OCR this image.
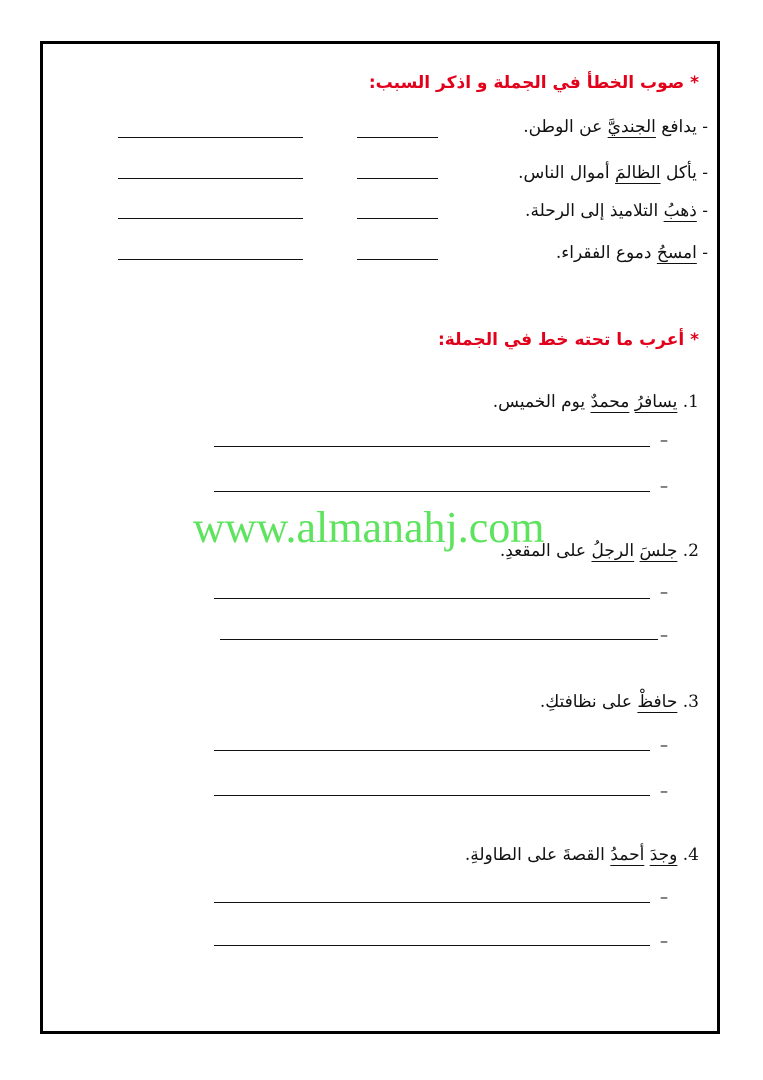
* صوب الخطأ في الجملة و اذكر السبب:
- يدافع الجنديَّ عن الوطن.
- يأكل الظالمَ أموال الناس.
- ذهبُ التلاميذ إلى الرحلة.
- امسحُ دموع الفقراء.
* أعرب ما تحته خط في الجملة:
1. يسافرُ محمدٌ يوم الخميس.
–
–
2. جلسَ الرجلُ على المقعدِ.
–
–
3. حافظْ على نظافتكِ.
–
–
4. وجدَ أحمدُ القصةَ على الطاولةِ.
–
–
www.almanahj.com
